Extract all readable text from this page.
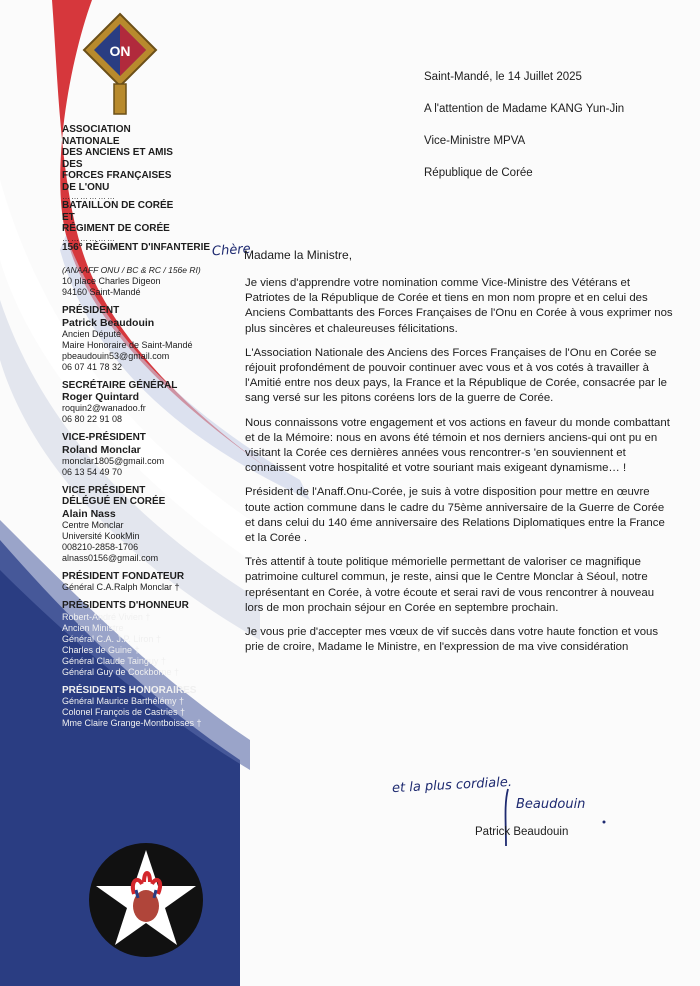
ON
ASSOCIATION
NATIONALE
DES ANCIENS ET AMIS
DES
FORCES FRANÇAISES
DE L'ONU
………………
BATAILLON DE CORÉE
ET
RÉGIMENT DE CORÉE
………………
156° RÉGIMENT D'INFANTERIE
(ANAAFF ONU / BC & RC / 156e RI)
10 place Charles Digeon
94160 Saint-Mandé
PRÉSIDENT
Patrick Beaudouin
Ancien Député
Maire Honoraire de Saint-Mandé
pbeaudouin53@gmail.com
06 07 41 78 32
SECRÉTAIRE GÉNÉRAL
Roger Quintard
roquin2@wanadoo.fr
06 80 22 91 08
VICE-PRÉSIDENT
Roland Monclar
monclar1805@gmail.com
06 13 54 49 70
VICE PRÉSIDENT DÉLÉGUÉ EN CORÉE
Alain Nass
Centre Monclar
Université KookMin
008210-2858-1706
alnass0156@gmail.com
PRÉSIDENT FONDATEUR
Général C.A.Ralph Monclar †
PRÉSIDENTS D'HONNEUR
Robert-André Vivien †
Ancien Ministre
Général C.A. J.P. Liron †
Charles de Guine †
Général Claude Tainguy †
Général Guy de Cockborne †
PRÉSIDENTS HONORAIRES
Général Maurice Barthélémy †
Colonel François de Castries †
Mme Claire Grange-Montboisses †
Saint-Mandé, le 14 Juillet 2025
A l'attention de Madame KANG Yun-Jin
Vice-Ministre MPVA
République de Corée
Chère
Madame la Ministre,

Je viens d'apprendre votre nomination comme Vice-Ministre des Vétérans et Patriotes de la République de Corée et tiens en mon nom propre et en celui des Anciens Combattants des Forces Françaises de l'Onu en Corée à vous exprimer nos plus sincères et chaleureuses félicitations.

L'Association Nationale des Anciens des Forces Françaises de l'Onu en Corée se réjouit profondément de pouvoir continuer avec vous et à vos cotés à travailler à l'Amitié entre nos deux pays, la France et la République de Corée, consacrée par le sang versé sur les pitons coréens lors de la guerre de Corée.

Nous connaissons votre engagement et vos actions en faveur du monde combattant et de la Mémoire: nous en avons été témoin et nos derniers anciens-qui ont pu en visitant la Corée ces dernières années vous rencontrer-s 'en souviennent et connaissent votre hospitalité et votre souriant mais exigeant dynamisme… !

Président de l'Anaff.Onu-Corée, je suis à votre disposition pour mettre en œuvre toute action commune dans le cadre du 75ème anniversaire de la Guerre de Corée et dans celui du 140 éme anniversaire des Relations Diplomatiques entre la France et la Corée .

Très attentif à toute politique mémorielle permettant de valoriser ce magnifique patrimoine culturel commun, je reste, ainsi que le Centre Monclar à Séoul, notre représentant en Corée, à votre écoute et serai ravi de vous rencontrer à nouveau lors de mon prochain séjour en Corée en septembre prochain.

Je vous prie d'accepter mes vœux de vif succès dans votre haute fonction et vous prie de croire, Madame le Ministre, en l'expression de ma vive considération

et la plus cordiale.
Beaudouin
Patrick Beaudouin
